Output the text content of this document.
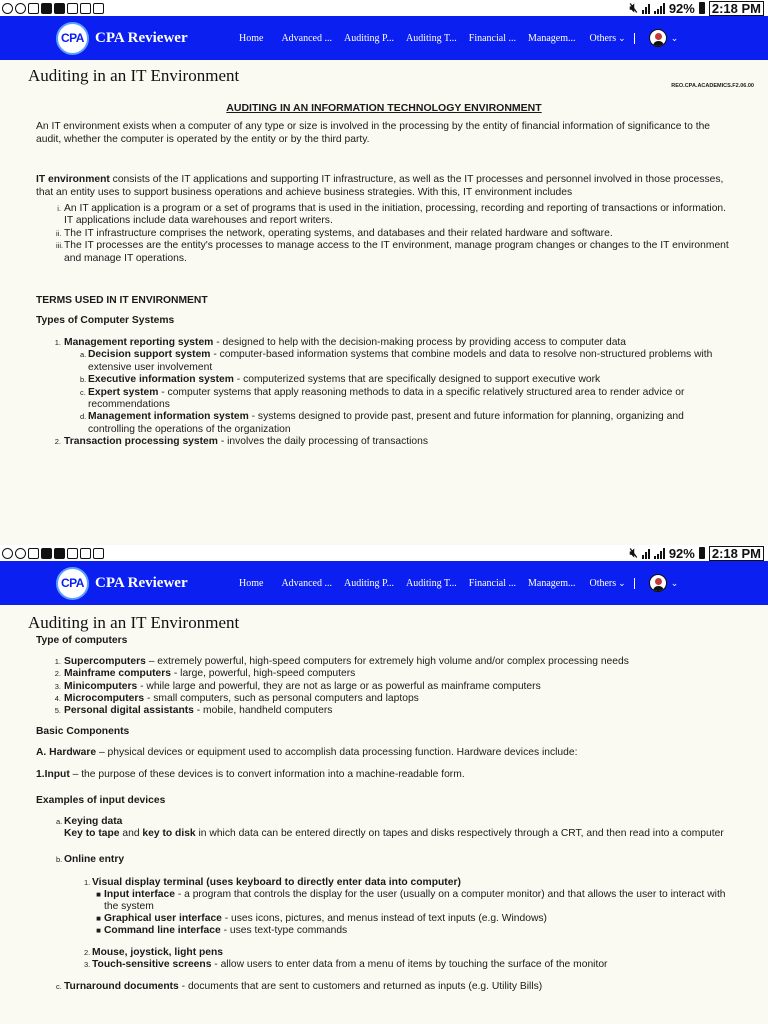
🔇︎ 92% 2:18 PM
CPA CPA Reviewer	Home	Advanced ...	Auditing P...	Auditing T...	Financial ...	Managem...	Others ⌄	⌄
Auditing in an IT Environment
REO.CPA.ACADEMICS.F2.06.00
AUDITING IN AN INFORMATION TECHNOLOGY ENVIRONMENT

An IT environment exists when a computer of any type or size is involved in the processing by the entity of financial information of significance to the audit, whether the computer is operated by the entity or by the third party.

IT environment consists of the IT applications and supporting IT infrastructure, as well as the IT processes and personnel involved in those processes, that an entity uses to support business operations and achieve business strategies. With this, IT environment includes

i. An IT application is a program or a set of programs that is used in the initiation, processing, recording and reporting of transactions or information. IT applications include data warehouses and report writers.
ii. The IT infrastructure comprises the network, operating systems, and databases and their related hardware and software.
iii. The IT processes are the entity's processes to manage access to the IT environment, manage program changes or changes to the IT environment and manage IT operations.
TERMS USED IN IT ENVIRONMENT
Types of Computer Systems
1. Management reporting system - designed to help with the decision-making process by providing access to computer data
a. Decision support system - computer-based information systems that combine models and data to resolve non-structured problems with extensive user involvement
b. Executive information system - computerized systems that are specifically designed to support executive work
c. Expert system - computer systems that apply reasoning methods to data in a specific relatively structured area to render advice or recommendations
d. Management information system - systems designed to provide past, present and future information for planning, organizing and controlling the operations of the organization
2. Transaction processing system - involves the daily processing of transactions
🔇︎ 92% 2:18 PM
CPA CPA Reviewer	Home	Advanced ...	Auditing P...	Auditing T...	Financial ...	Managem...	Others ⌄	⌄
Auditing in an IT Environment
Type of computers
1. Supercomputers – extremely powerful, high-speed computers for extremely high volume and/or complex processing needs
2. Mainframe computers - large, powerful, high-speed computers
3. Minicomputers - while large and powerful, they are not as large or as powerful as mainframe computers
4. Microcomputers - small computers, such as personal computers and laptops
5. Personal digital assistants - mobile, handheld computers
Basic Components

A. Hardware – physical devices or equipment used to accomplish data processing function. Hardware devices include:

1.Input – the purpose of these devices is to convert information into a machine-readable form.

Examples of input devices
a. Keying data
Key to tape and key to disk in which data can be entered directly on tapes and disks respectively through a CRT, and then read into a computer
b. Online entry
1. Visual display terminal (uses keyboard to directly enter data into computer)
■ Input interface - a program that controls the display for the user (usually on a computer monitor) and that allows the user to interact with the system
■ Graphical user interface - uses icons, pictures, and menus instead of text inputs (e.g. Windows)
■ Command line interface - uses text-type commands
2. Mouse, joystick, light pens
3. Touch-sensitive screens - allow users to enter data from a menu of items by touching the surface of the monitor
c. Turnaround documents - documents that are sent to customers and returned as inputs (e.g. Utility Bills)
